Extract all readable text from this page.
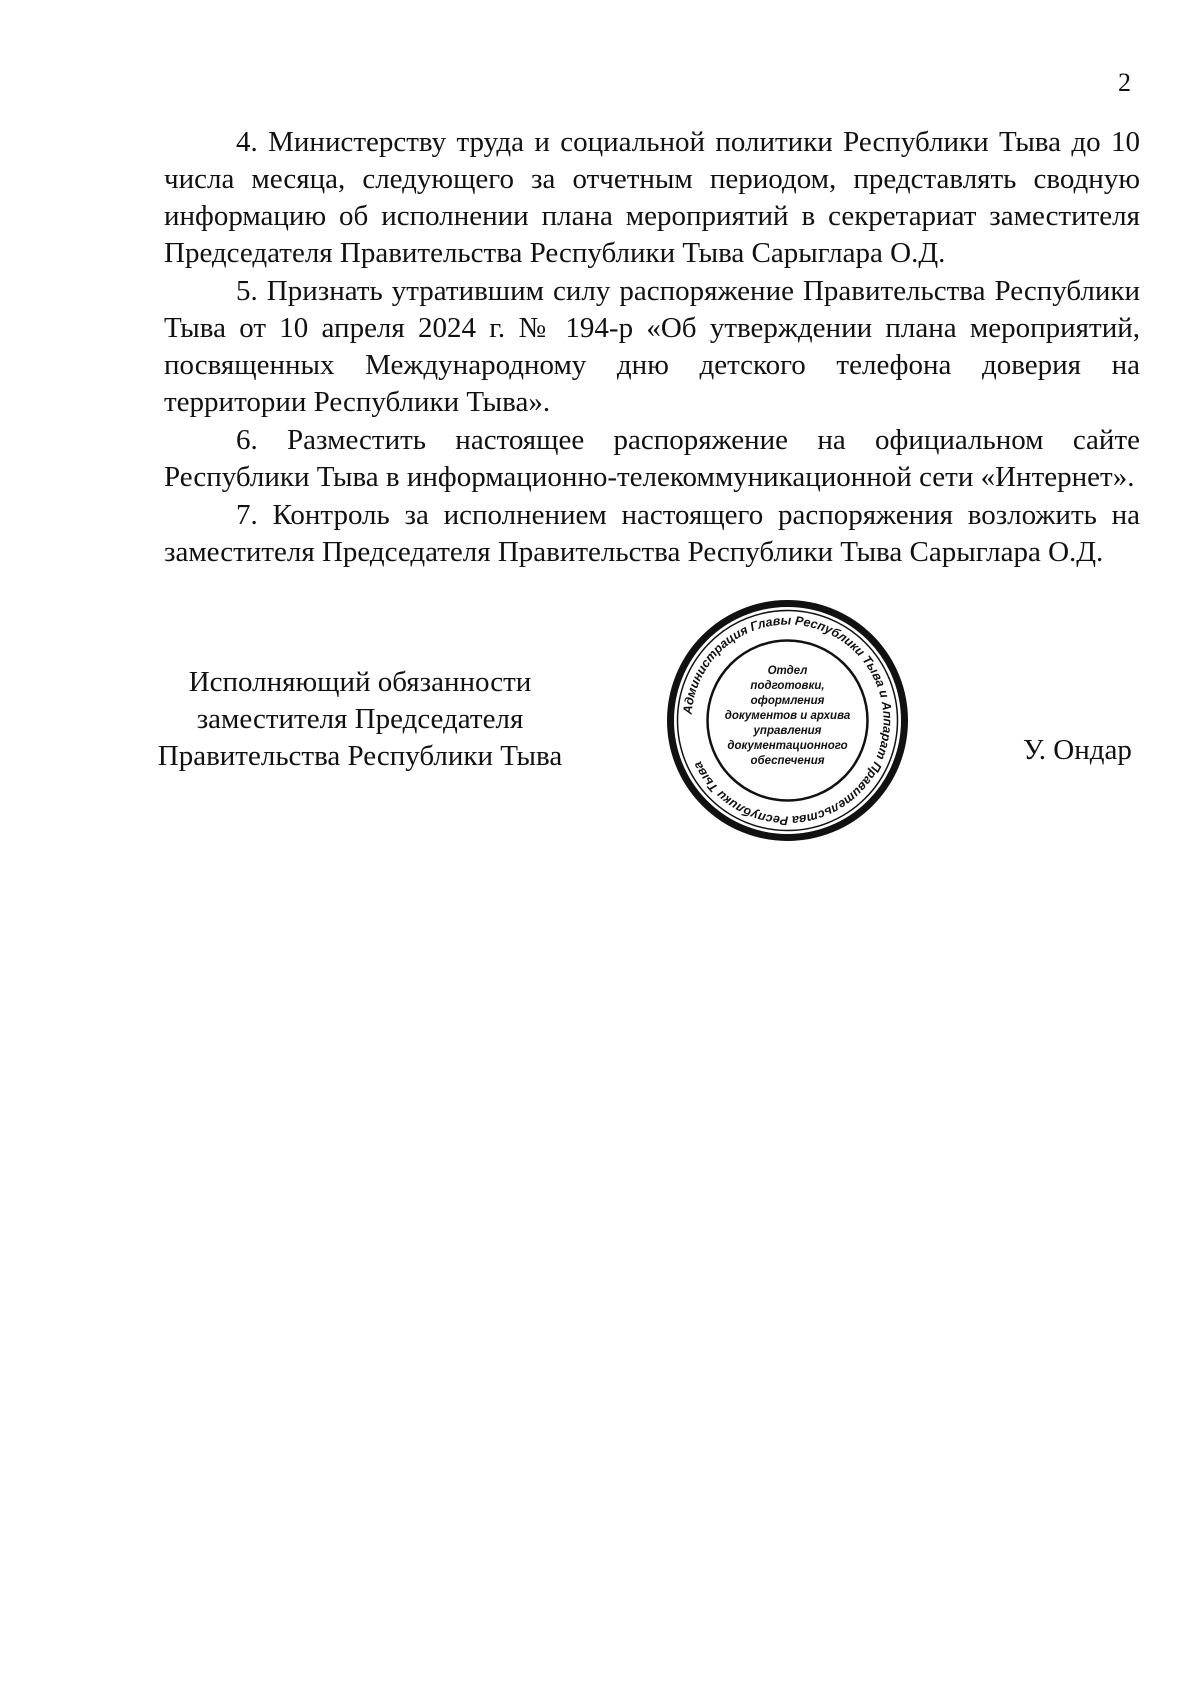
2

4. Министерству труда и социальной политики Республики Тыва до 10 числа месяца, следующего за отчетным периодом, представлять сводную информацию об исполнении плана мероприятий в секретариат заместителя Председателя Правительства Республики Тыва Сарыглара О.Д.

5. Признать утратившим силу распоряжение Правительства Республики Тыва от 10 апреля 2024 г. № 194-р «Об утверждении плана мероприятий, посвященных Международному дню детского телефона доверия на территории Республики Тыва».

6. Разместить настоящее распоряжение на официальном сайте Республики Тыва в информационно-телекоммуникационной сети «Интернет».

7. Контроль за исполнением настоящего распоряжения возложить на заместителя Председателя Правительства Республики Тыва Сарыглара О.Д.

Исполняющий обязанности
заместителя Председателя
Правительства Республики Тыва
Администрация Главы Республики Тыва и Аппарат Правительства Республики Тыва
Отдел
подготовки,
оформления
документов и архива
управления
документационного
обеспечения	У. Ондар
